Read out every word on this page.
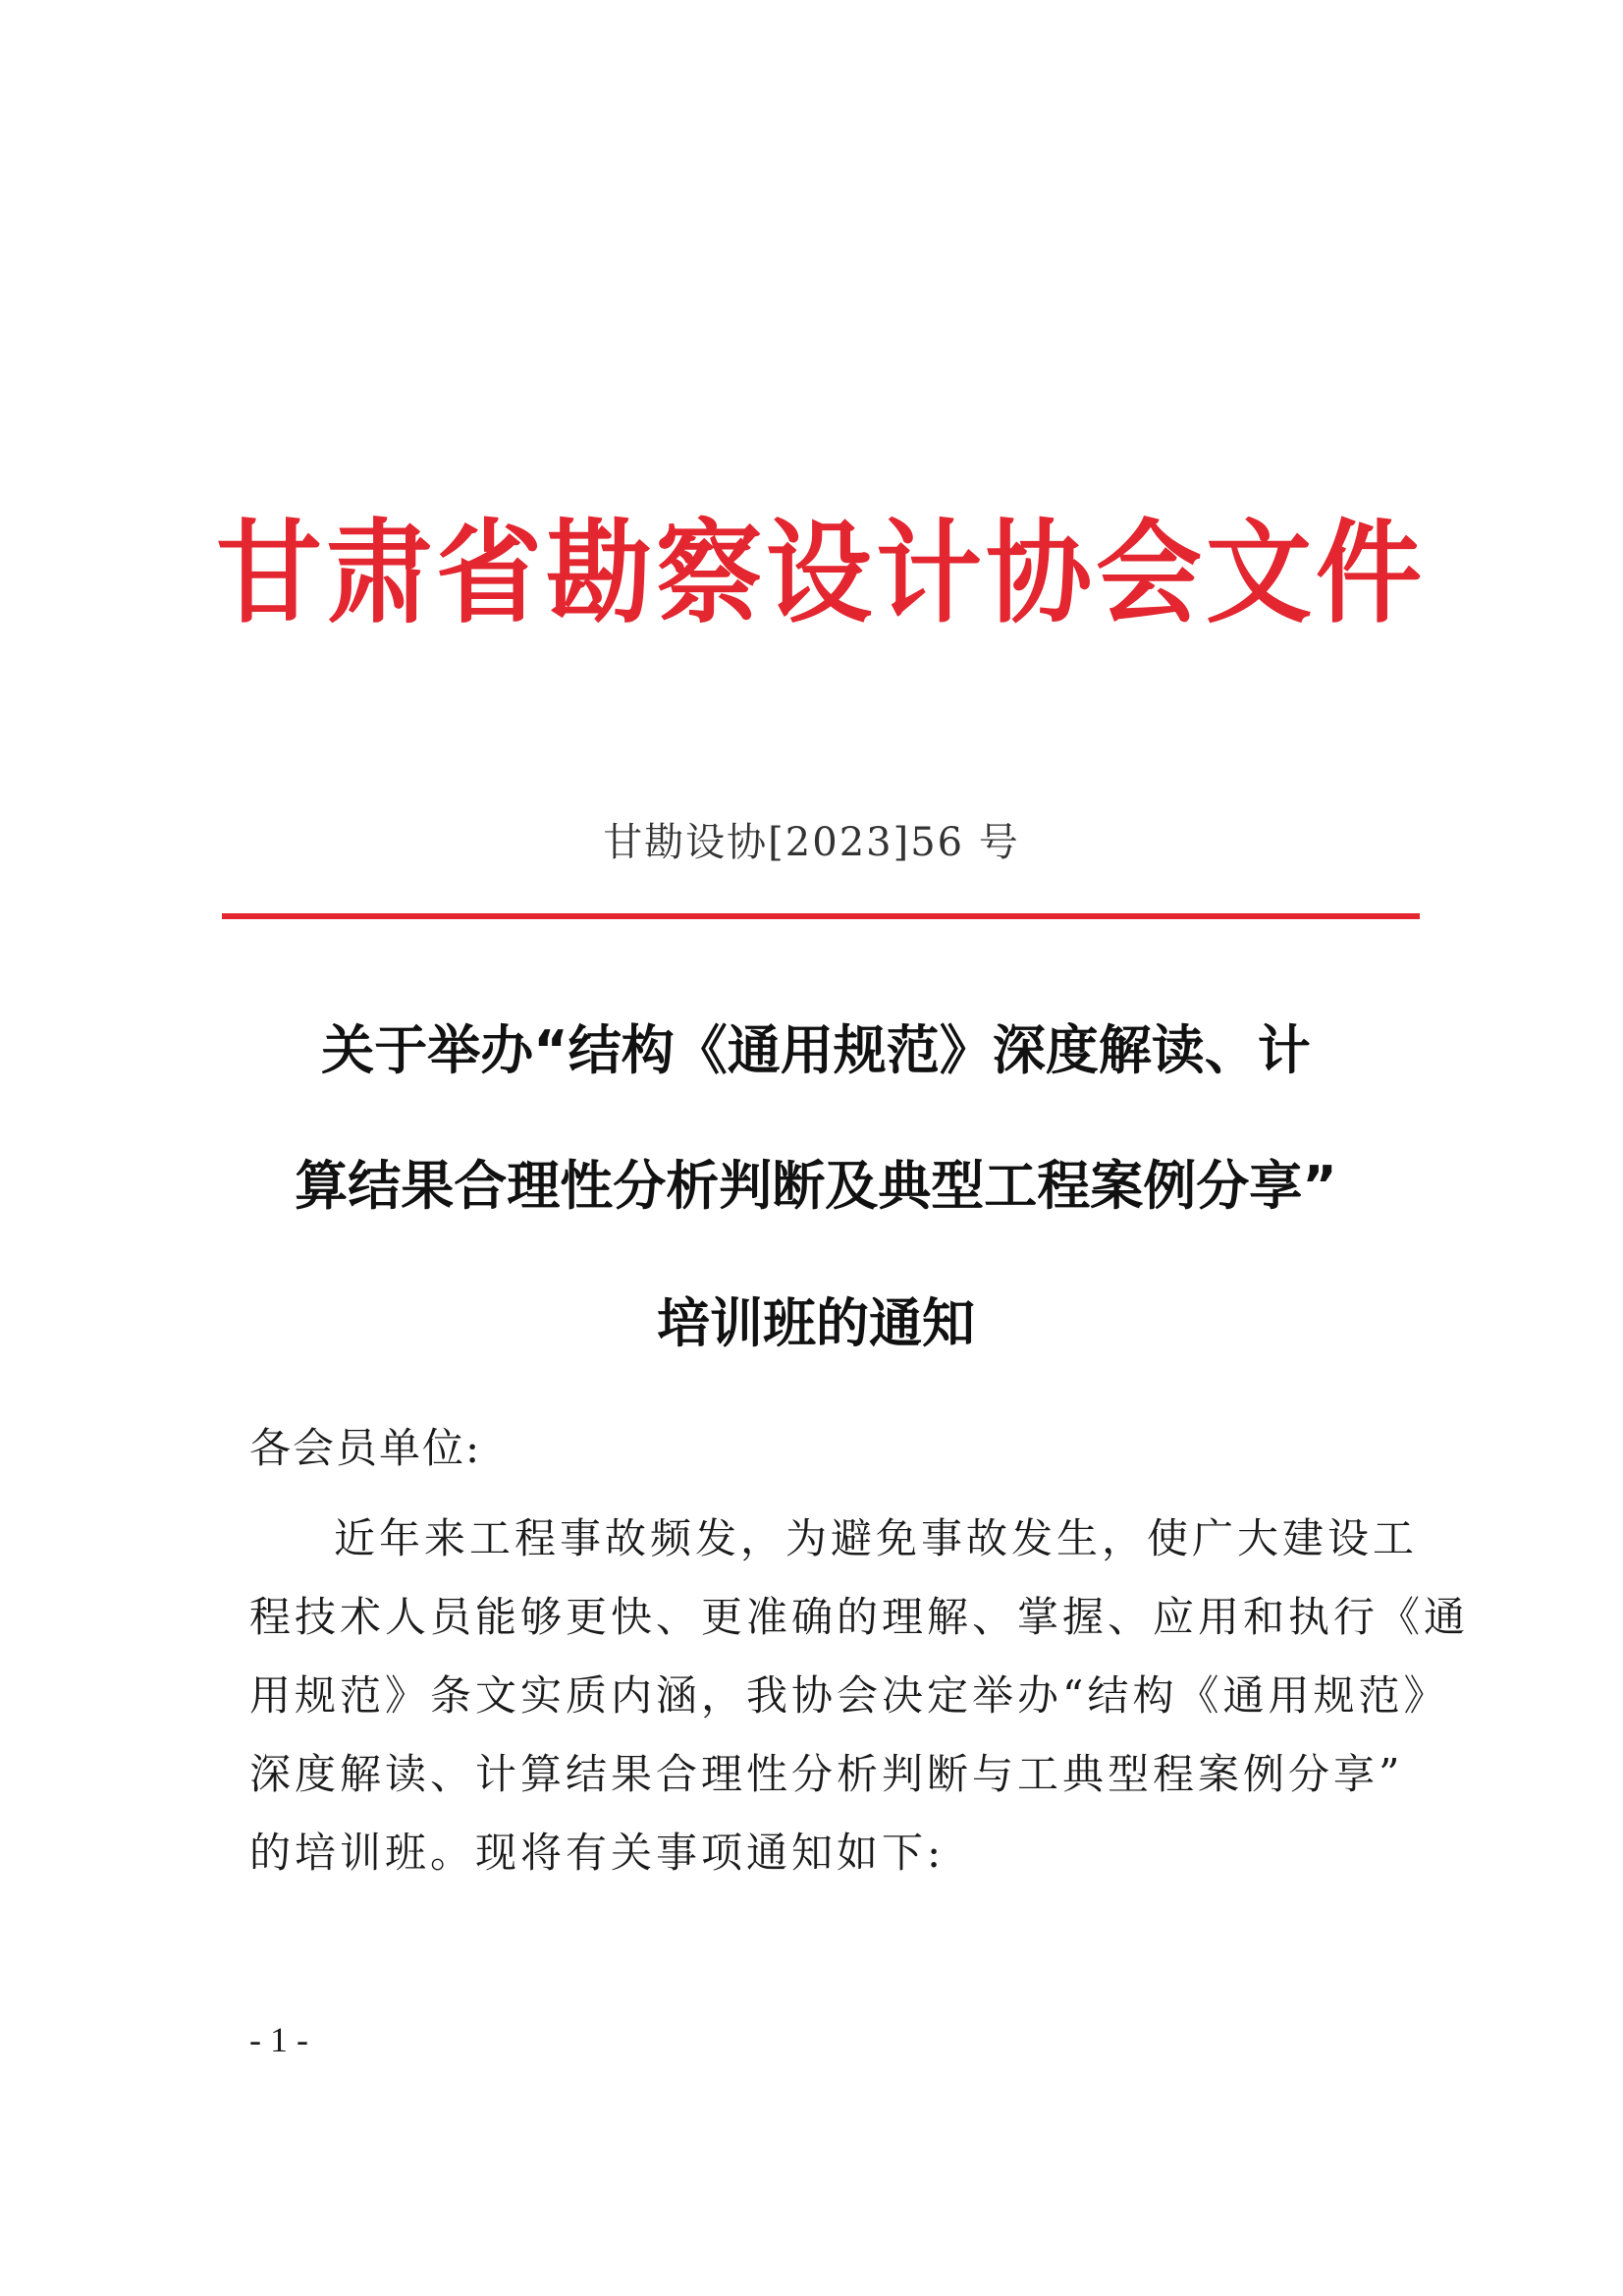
甘肃省勘察设计协会文件
甘勘设协[2023]56 号
关于举办“结构《通用规范》深度解读、计
算结果合理性分析判断及典型工程案例分享”
培训班的通知
各会员单位:
近年来工程事故频发，为避免事故发生，使广大建设工
程技术人员能够更快、更准确的理解、掌握、应用和执行《通
用规范》条文实质内涵，我协会决定举办“结构《通用规范》
深度解读、计算结果合理性分析判断与工典型程案例分享”
的培训班。现将有关事项通知如下:
- 1 -
